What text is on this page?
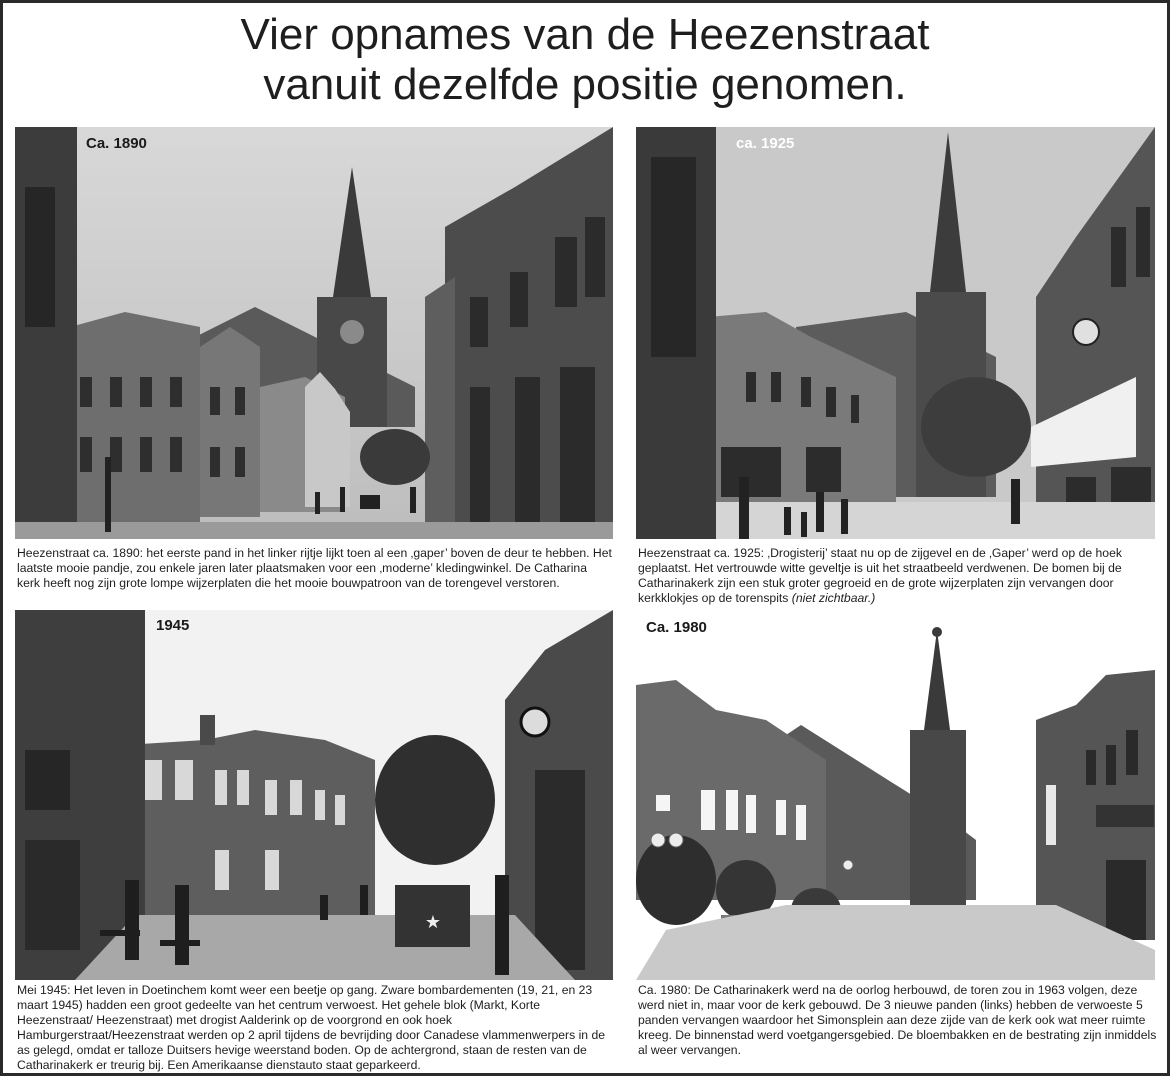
Vier opnames van de Heezenstraat
vanuit dezelfde positie genomen.
Ca. 1890	ca. 1925
★
1945	Ca. 1980

Heezenstraat ca. 1890: het eerste pand in het linker rijtje lijkt toen al een ‚gaper’ boven de deur te hebben. Het laatste mooie pandje, zou enkele jaren later plaatsmaken voor een ‚moderne’ kledingwinkel. De Catharina kerk heeft nog zijn grote lompe wijzerplaten die het mooie bouwpatroon van de torengevel verstoren.

Heezenstraat ca. 1925: ‚Drogisterij’ staat nu op de zijgevel en de ‚Gaper’ werd op de hoek geplaatst. Het vertrouwde witte geveltje is uit het straatbeeld verdwenen. De bomen bij de Catharinakerk zijn een stuk groter gegroeid en de grote wijzerplaten zijn vervangen door kerkklokjes op de torenspits (niet zichtbaar.)

Mei 1945: Het leven in Doetinchem komt weer een beetje op gang. Zware bombardementen (19, 21, en 23 maart 1945) hadden een groot gedeelte van het centrum verwoest. Het gehele blok (Markt, Korte Heezenstraat/ Heezenstraat) met drogist Aalderink op de voorgrond en ook hoek Hamburgerstraat/Heezenstraat werden op 2 april tijdens de bevrijding door Canadese vlammenwerpers in de as gelegd, omdat er talloze Duitsers hevige weerstand boden. Op de achtergrond, staan de resten van de Catharinakerk er treurig bij. Een Amerikaanse dienstauto staat geparkeerd.

Ca. 1980: De Catharinakerk werd na de oorlog herbouwd, de toren zou in 1963 volgen, deze werd niet in, maar voor de kerk gebouwd. De 3 nieuwe panden (links) hebben de verwoeste 5 panden vervangen waardoor het Simonsplein aan deze zijde van de kerk ook wat meer ruimte kreeg. De binnenstad werd voetgangersgebied. De bloembakken en de bestrating zijn inmiddels al weer vervangen.
